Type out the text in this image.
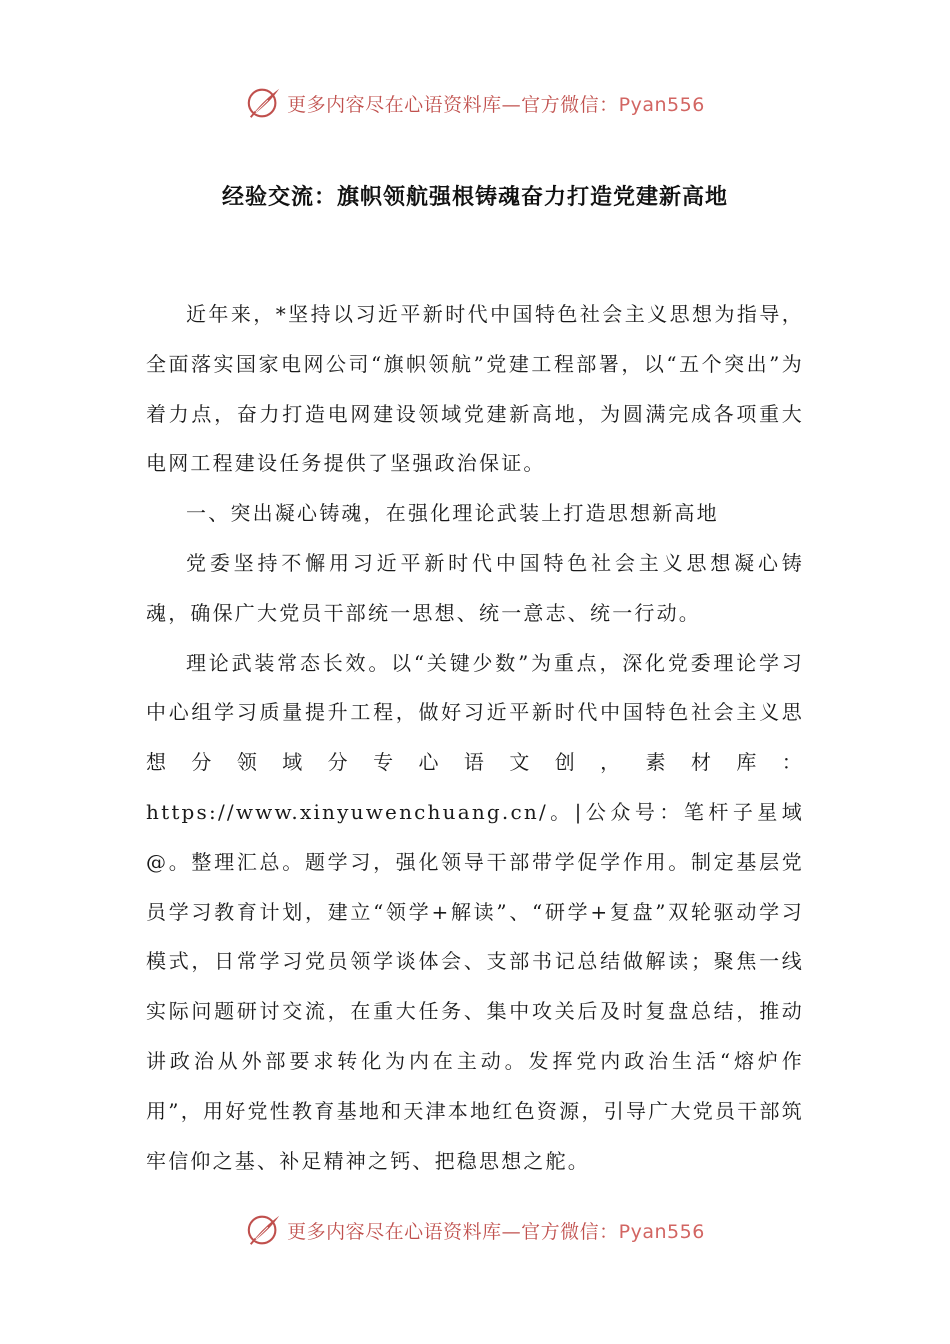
更多内容尽在心语资料库—官方微信：Pyan556
经验交流：旗帜领航强根铸魂奋力打造党建新高地

近年来，*坚持以习近平新时代中国特色社会主义思想为指导，全面落实国家电网公司“旗帜领航”党建工程部署，以“五个突出”为着力点，奋力打造电网建设领域党建新高地，为圆满完成各项重大电网工程建设任务提供了坚强政治保证。

一、突出凝心铸魂，在强化理论武装上打造思想新高地

党委坚持不懈用习近平新时代中国特色社会主义思想凝心铸魂，确保广大党员干部统一思想、统一意志、统一行动。

理论武装常态长效。以“关键少数”为重点，深化党委理论学习中心组学习质量提升工程，做好习近平新时代中国特色社会主义思想分领域分专心语文创，素材库：https://www.xinyuwenchuang.cn/。|公众号：笔杆子星域@。整理汇总。题学习，强化领导干部带学促学作用。制定基层党员学习教育计划，建立“领学+解读”、“研学+复盘”双轮驱动学习模式，日常学习党员领学谈体会、支部书记总结做解读；聚焦一线实际问题研讨交流，在重大任务、集中攻关后及时复盘总结，推动讲政治从外部要求转化为内在主动。发挥党内政治生活“熔炉作用”，用好党性教育基地和天津本地红色资源，引导广大党员干部筑牢信仰之基、补足精神之钙、把稳思想之舵。

更多内容尽在心语资料库—官方微信：Pyan556
